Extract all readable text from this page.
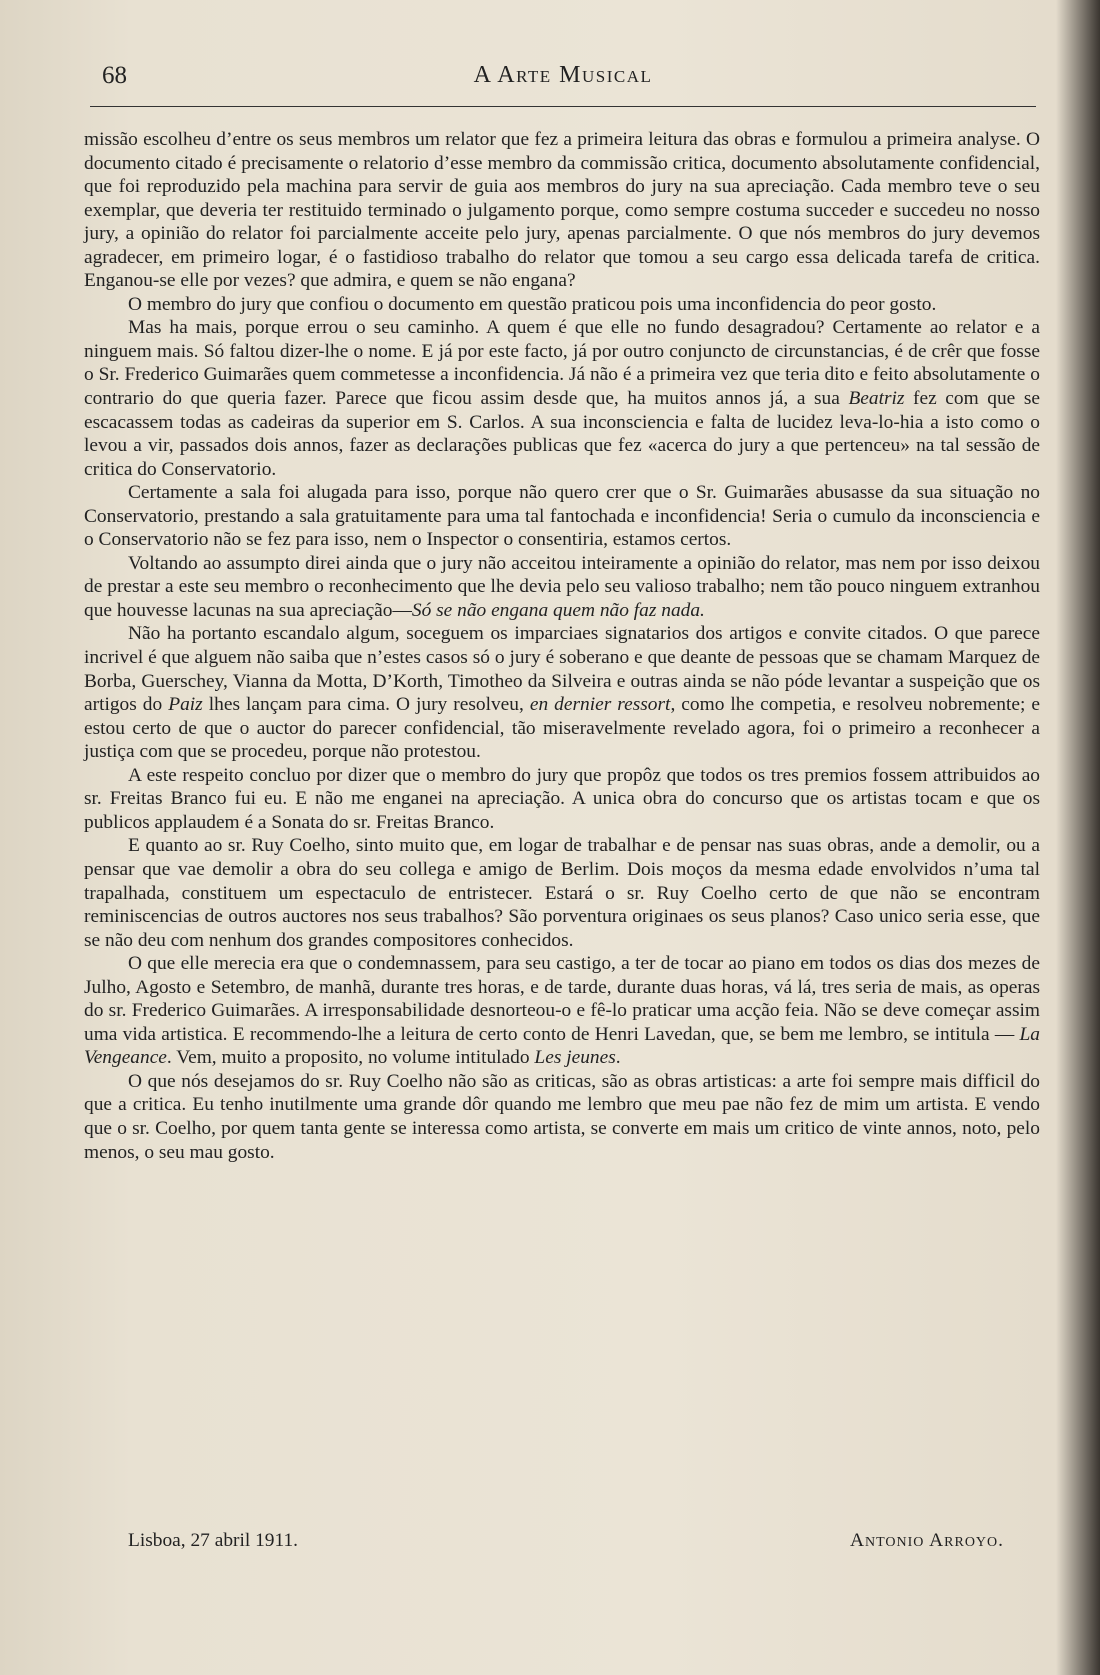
68	A Arte Musical

missão escolheu d’entre os seus membros um relator que fez a primeira leitura das obras e formulou a primeira analyse. O documento citado é precisamente o relatorio d’esse membro da commissão critica, documento absolutamente confidencial, que foi reproduzido pela machina para servir de guia aos membros do jury na sua apreciação. Cada membro teve o seu exemplar, que deveria ter restituido terminado o julgamento porque, como sempre costuma succeder e succedeu no nosso jury, a opinião do relator foi parcialmente acceite pelo jury, apenas parcialmente. O que nós membros do jury devemos agradecer, em primeiro logar, é o fastidioso trabalho do relator que tomou a seu cargo essa delicada tarefa de critica. Enganou-se elle por vezes? que admira, e quem se não engana?

O membro do jury que confiou o documento em questão praticou pois uma inconfidencia do peor gosto.

Mas ha mais, porque errou o seu caminho. A quem é que elle no fundo desagradou? Certamente ao relator e a ninguem mais. Só faltou dizer-lhe o nome. E já por este facto, já por outro conjuncto de circunstancias, é de crêr que fosse o Sr. Frederico Guimarães quem commetesse a inconfidencia. Já não é a primeira vez que teria dito e feito absolutamente o contrario do que queria fazer. Parece que ficou assim desde que, ha muitos annos já, a sua Beatriz fez com que se escacassem todas as cadeiras da superior em S. Carlos. A sua inconsciencia e falta de lucidez leva-lo-hia a isto como o levou a vir, passados dois annos, fazer as declarações publicas que fez «acerca do jury a que pertenceu» na tal sessão de critica do Conservatorio.

Certamente a sala foi alugada para isso, porque não quero crer que o Sr. Guimarães abusasse da sua situação no Conservatorio, prestando a sala gratuitamente para uma tal fantochada e inconfidencia! Seria o cumulo da inconsciencia e o Conservatorio não se fez para isso, nem o Inspector o consentiria, estamos certos.

Voltando ao assumpto direi ainda que o jury não acceitou inteiramente a opinião do relator, mas nem por isso deixou de prestar a este seu membro o reconhecimento que lhe devia pelo seu valioso trabalho; nem tão pouco ninguem extranhou que houvesse lacunas na sua apreciação—Só se não engana quem não faz nada.

Não ha portanto escandalo algum, soceguem os imparciaes signatarios dos artigos e convite citados. O que parece incrivel é que alguem não saiba que n’estes casos só o jury é soberano e que deante de pessoas que se chamam Marquez de Borba, Guerschey, Vianna da Motta, D’Korth, Timotheo da Silveira e outras ainda se não póde levantar a suspeição que os artigos do Paiz lhes lançam para cima. O jury resolveu, en dernier ressort, como lhe competia, e resolveu nobremente; e estou certo de que o auctor do parecer confidencial, tão miseravelmente revelado agora, foi o primeiro a reconhecer a justiça com que se procedeu, porque não protestou.

A este respeito concluo por dizer que o membro do jury que propôz que todos os tres premios fossem attribuidos ao sr. Freitas Branco fui eu. E não me enganei na apreciação. A unica obra do concurso que os artistas tocam e que os publicos applaudem é a Sonata do sr. Freitas Branco.

E quanto ao sr. Ruy Coelho, sinto muito que, em logar de trabalhar e de pensar nas suas obras, ande a demolir, ou a pensar que vae demolir a obra do seu collega e amigo de Berlim. Dois moços da mesma edade envolvidos n’uma tal trapalhada, constituem um espectaculo de entristecer. Estará o sr. Ruy Coelho certo de que não se encontram reminiscencias de outros auctores nos seus trabalhos? São porventura originaes os seus planos? Caso unico seria esse, que se não deu com nenhum dos grandes compositores conhecidos.

O que elle merecia era que o condemnassem, para seu castigo, a ter de tocar ao piano em todos os dias dos mezes de Julho, Agosto e Setembro, de manhã, durante tres horas, e de tarde, durante duas horas, vá lá, tres seria de mais, as operas do sr. Frederico Guimarães. A irresponsabilidade desnorteou-o e fê-lo praticar uma acção feia. Não se deve começar assim uma vida artistica. E recommendo-lhe a leitura de certo conto de Henri Lavedan, que, se bem me lembro, se intitula — La Vengeance. Vem, muito a proposito, no volume intitulado Les jeunes.

O que nós desejamos do sr. Ruy Coelho não são as criticas, são as obras artisticas: a arte foi sempre mais difficil do que a critica. Eu tenho inutilmente uma grande dôr quando me lembro que meu pae não fez de mim um artista. E vendo que o sr. Coelho, por quem tanta gente se interessa como artista, se converte em mais um critico de vinte annos, noto, pelo menos, o seu mau gosto.

Lisboa, 27 abril 1911.	Antonio Arroyo.
